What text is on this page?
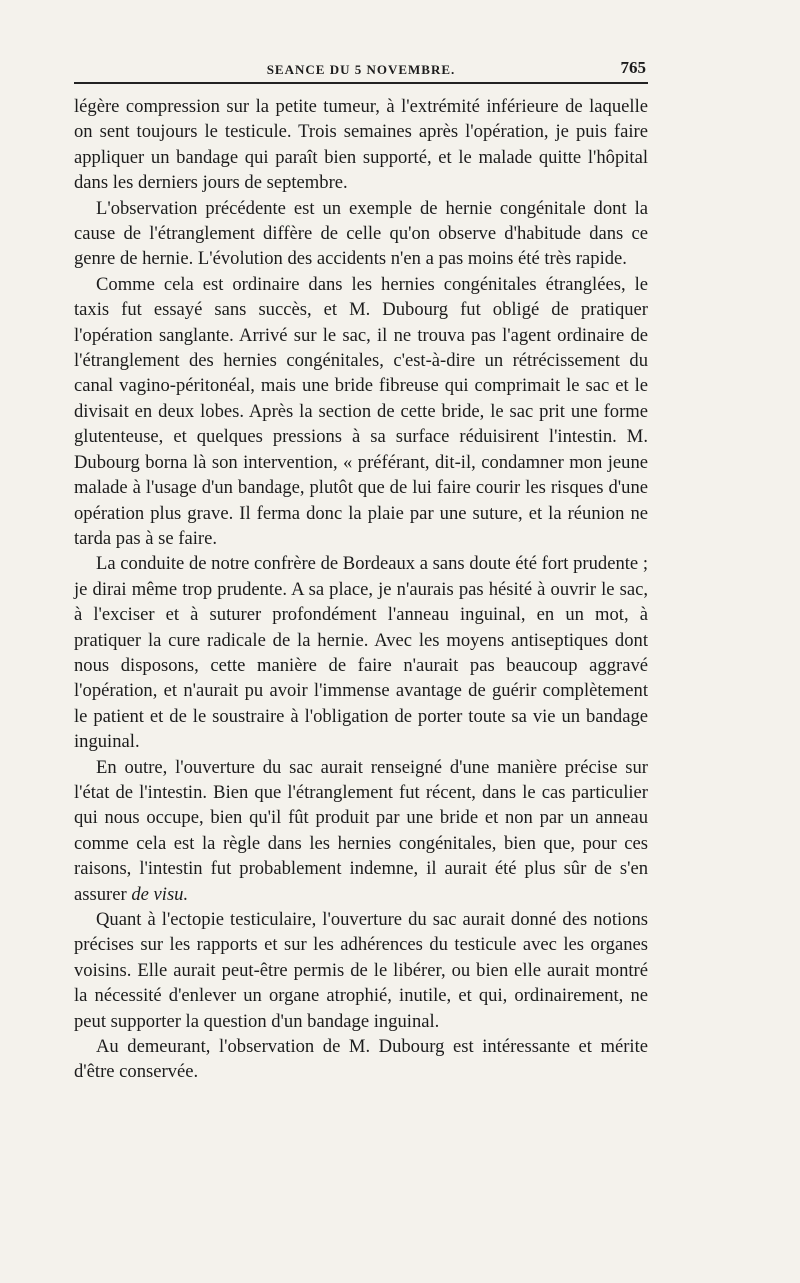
SEANCE DU 5 NOVEMBRE.	765

légère compression sur la petite tumeur, à l'extrémité inférieure de laquelle on sent toujours le testicule. Trois semaines après l'opération, je puis faire appliquer un bandage qui paraît bien supporté, et le malade quitte l'hôpital dans les derniers jours de septembre.

L'observation précédente est un exemple de hernie congénitale dont la cause de l'étranglement diffère de celle qu'on observe d'habitude dans ce genre de hernie. L'évolution des accidents n'en a pas moins été très rapide.

Comme cela est ordinaire dans les hernies congénitales étranglées, le taxis fut essayé sans succès, et M. Dubourg fut obligé de pratiquer l'opération sanglante. Arrivé sur le sac, il ne trouva pas l'agent ordinaire de l'étranglement des hernies congénitales, c'est-à-dire un rétrécissement du canal vagino-péritonéal, mais une bride fibreuse qui comprimait le sac et le divisait en deux lobes. Après la section de cette bride, le sac prit une forme glutenteuse, et quelques pressions à sa surface réduisirent l'intestin. M. Dubourg borna là son intervention, « préférant, dit-il, condamner mon jeune malade à l'usage d'un bandage, plutôt que de lui faire courir les risques d'une opération plus grave. Il ferma donc la plaie par une suture, et la réunion ne tarda pas à se faire.

La conduite de notre confrère de Bordeaux a sans doute été fort prudente ; je dirai même trop prudente. A sa place, je n'aurais pas hésité à ouvrir le sac, à l'exciser et à suturer profondément l'anneau inguinal, en un mot, à pratiquer la cure radicale de la hernie. Avec les moyens antiseptiques dont nous disposons, cette manière de faire n'aurait pas beaucoup aggravé l'opération, et n'aurait pu avoir l'immense avantage de guérir complètement le patient et de le soustraire à l'obligation de porter toute sa vie un bandage inguinal.

En outre, l'ouverture du sac aurait renseigné d'une manière précise sur l'état de l'intestin. Bien que l'étranglement fut récent, dans le cas particulier qui nous occupe, bien qu'il fût produit par une bride et non par un anneau comme cela est la règle dans les hernies congénitales, bien que, pour ces raisons, l'intestin fut probablement indemne, il aurait été plus sûr de s'en assurer de visu.

Quant à l'ectopie testiculaire, l'ouverture du sac aurait donné des notions précises sur les rapports et sur les adhérences du testicule avec les organes voisins. Elle aurait peut-être permis de le libérer, ou bien elle aurait montré la nécessité d'enlever un organe atrophié, inutile, et qui, ordinairement, ne peut supporter la question d'un bandage inguinal.

Au demeurant, l'observation de M. Dubourg est intéressante et mérite d'être conservée.
